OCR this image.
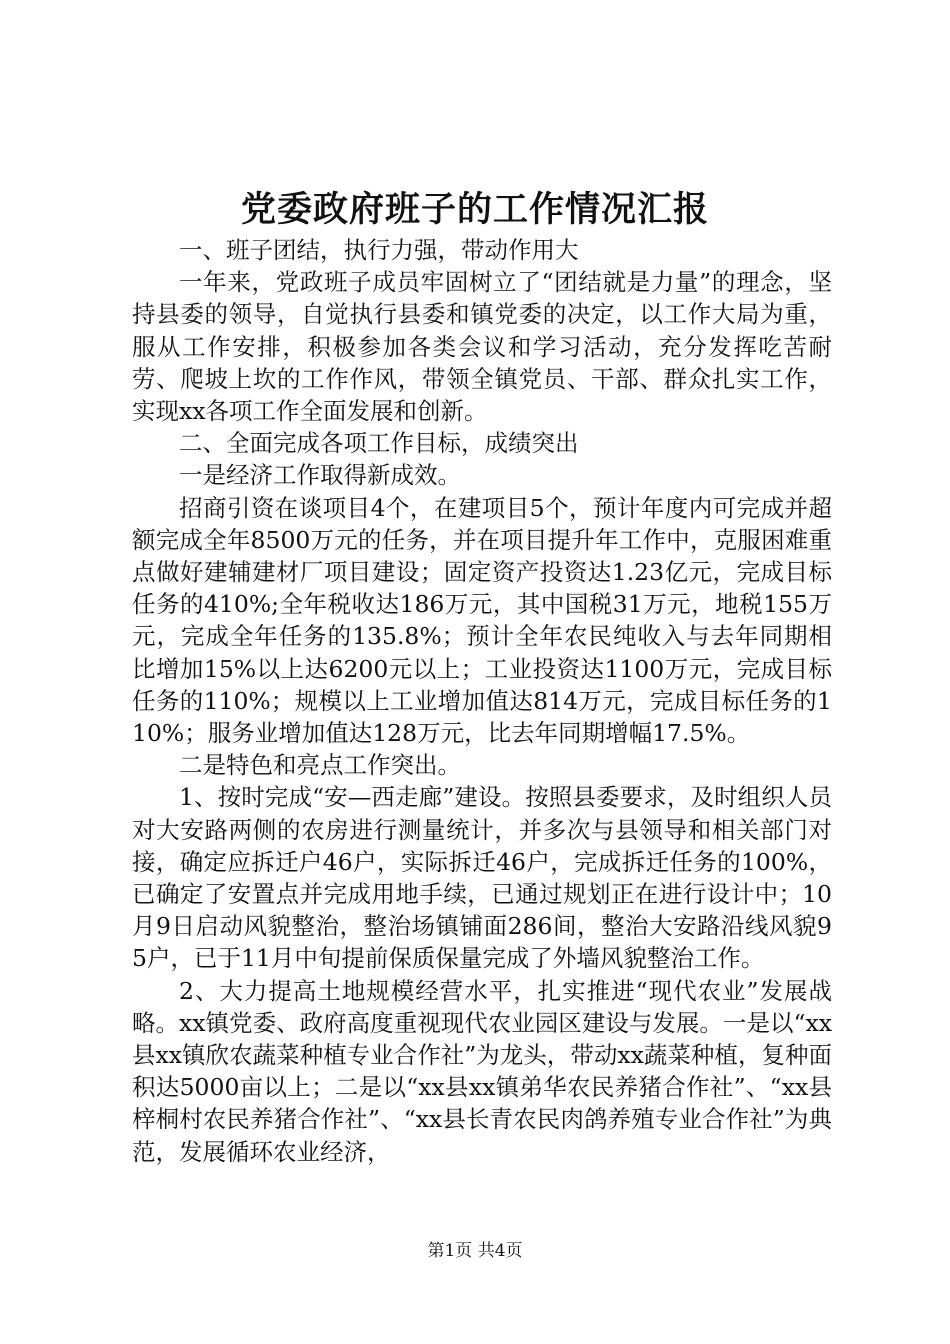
党委政府班子的工作情况汇报

一、班子团结，执行力强，带动作用大

一年来，党政班子成员牢固树立了“团结就是力量”的理念，坚持县委的领导，自觉执行县委和镇党委的决定，以工作大局为重，服从工作安排，积极参加各类会议和学习活动，充分发挥吃苦耐劳、爬坡上坎的工作作风，带领全镇党员、干部、群众扎实工作，实现xx各项工作全面发展和创新。

二、全面完成各项工作目标，成绩突出

一是经济工作取得新成效。

招商引资在谈项目4个，在建项目5个，预计年度内可完成并超额完成全年8500万元的任务，并在项目提升年工作中，克服困难重点做好建辅建材厂项目建设；固定资产投资达1.23亿元，完成目标任务的410%;全年税收达186万元，其中国税31万元，地税155万元，完成全年任务的135.8%；预计全年农民纯收入与去年同期相比增加15%以上达6200元以上；工业投资达1100万元，完成目标任务的110%；规模以上工业增加值达814万元，完成目标任务的110%；服务业增加值达128万元，比去年同期增幅17.5%。

二是特色和亮点工作突出。

1、按时完成“安—西走廊”建设。按照县委要求，及时组织人员对大安路两侧的农房进行测量统计，并多次与县领导和相关部门对接，确定应拆迁户46户，实际拆迁46户，完成拆迁任务的100%，已确定了安置点并完成用地手续，已通过规划正在进行设计中；10月9日启动风貌整治，整治场镇铺面286间，整治大安路沿线风貌95户，已于11月中旬提前保质保量完成了外墙风貌整治工作。

2、大力提高土地规模经营水平，扎实推进“现代农业”发展战略。xx镇党委、政府高度重视现代农业园区建设与发展。一是以“xx县xx镇欣农蔬菜种植专业合作社”为龙头，带动xx蔬菜种植，复种面积达5000亩以上；二是以“xx县xx镇弟华农民养猪合作社”、“xx县梓桐村农民养猪合作社”、“xx县长青农民肉鸽养殖专业合作社”为典范，发展循环农业经济，

第1页 共4页
